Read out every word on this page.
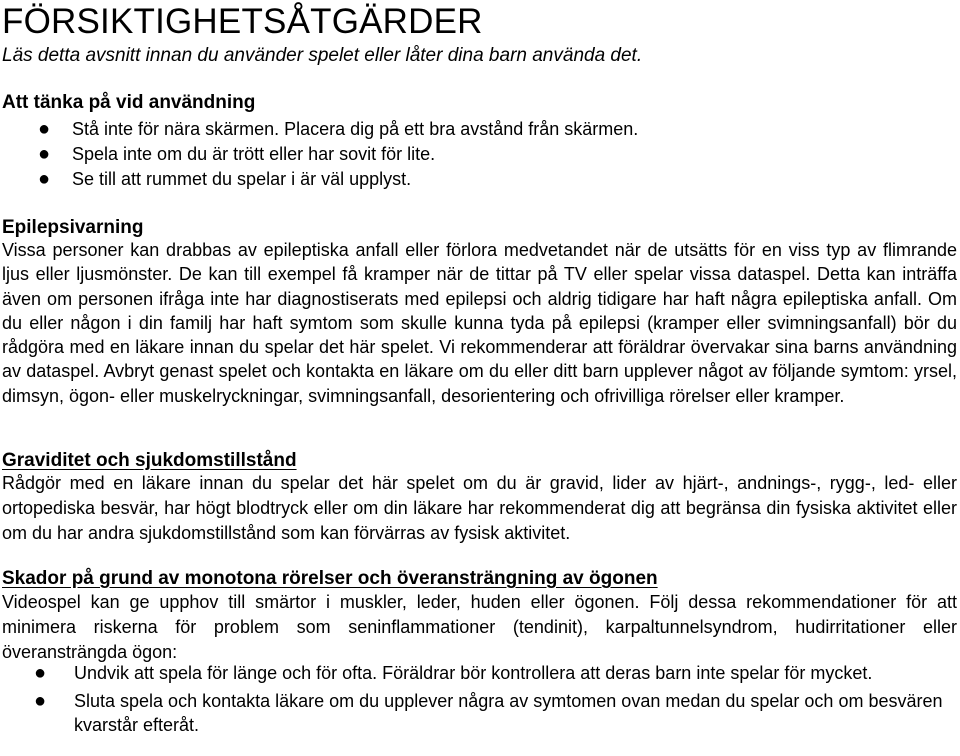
FÖRSIKTIGHETSÅTGÄRDER

Läs detta avsnitt innan du använder spelet eller låter dina barn använda det.

Att tänka på vid användning
● Stå inte för nära skärmen. Placera dig på ett bra avstånd från skärmen.
● Spela inte om du är trött eller har sovit för lite.
● Se till att rummet du spelar i är väl upplyst.
Epilepsivarning

Vissa personer kan drabbas av epileptiska anfall eller förlora medvetandet när de utsätts för en viss typ av flimrande ljus eller ljusmönster. De kan till exempel få kramper när de tittar på TV eller spelar vissa dataspel. Detta kan inträffa även om personen ifråga inte har diagnostiserats med epilepsi och aldrig tidigare har haft några epileptiska anfall. Om du eller någon i din familj har haft symtom som skulle kunna tyda på epilepsi (kramper eller svimningsanfall) bör du rådgöra med en läkare innan du spelar det här spelet. Vi rekommenderar att föräldrar övervakar sina barns användning av dataspel. Avbryt genast spelet och kontakta en läkare om du eller ditt barn upplever något av följande symtom: yrsel, dimsyn, ögon- eller muskelryckningar, svimningsanfall, desorientering och ofrivilliga rörelser eller kramper.

Graviditet och sjukdomstillstånd

Rådgör med en läkare innan du spelar det här spelet om du är gravid, lider av hjärt-, andnings-, rygg-, led- eller ortopediska besvär, har högt blodtryck eller om din läkare har rekommenderat dig att begränsa din fysiska aktivitet eller om du har andra sjukdomstillstånd som kan förvärras av fysisk aktivitet.

Skador på grund av monotona rörelser och överansträngning av ögonen

Videospel kan ge upphov till smärtor i muskler, leder, huden eller ögonen. Följ dessa rekommendationer för att minimera riskerna för problem som seninflammationer (tendinit), karpaltunnelsyndrom, hudirritationer eller överansträngda ögon:

● Undvik att spela för länge och för ofta. Föräldrar bör kontrollera att deras barn inte spelar för mycket.
● Sluta spela och kontakta läkare om du upplever några av symtomen ovan medan du spelar och om besvären kvarstår efteråt.
